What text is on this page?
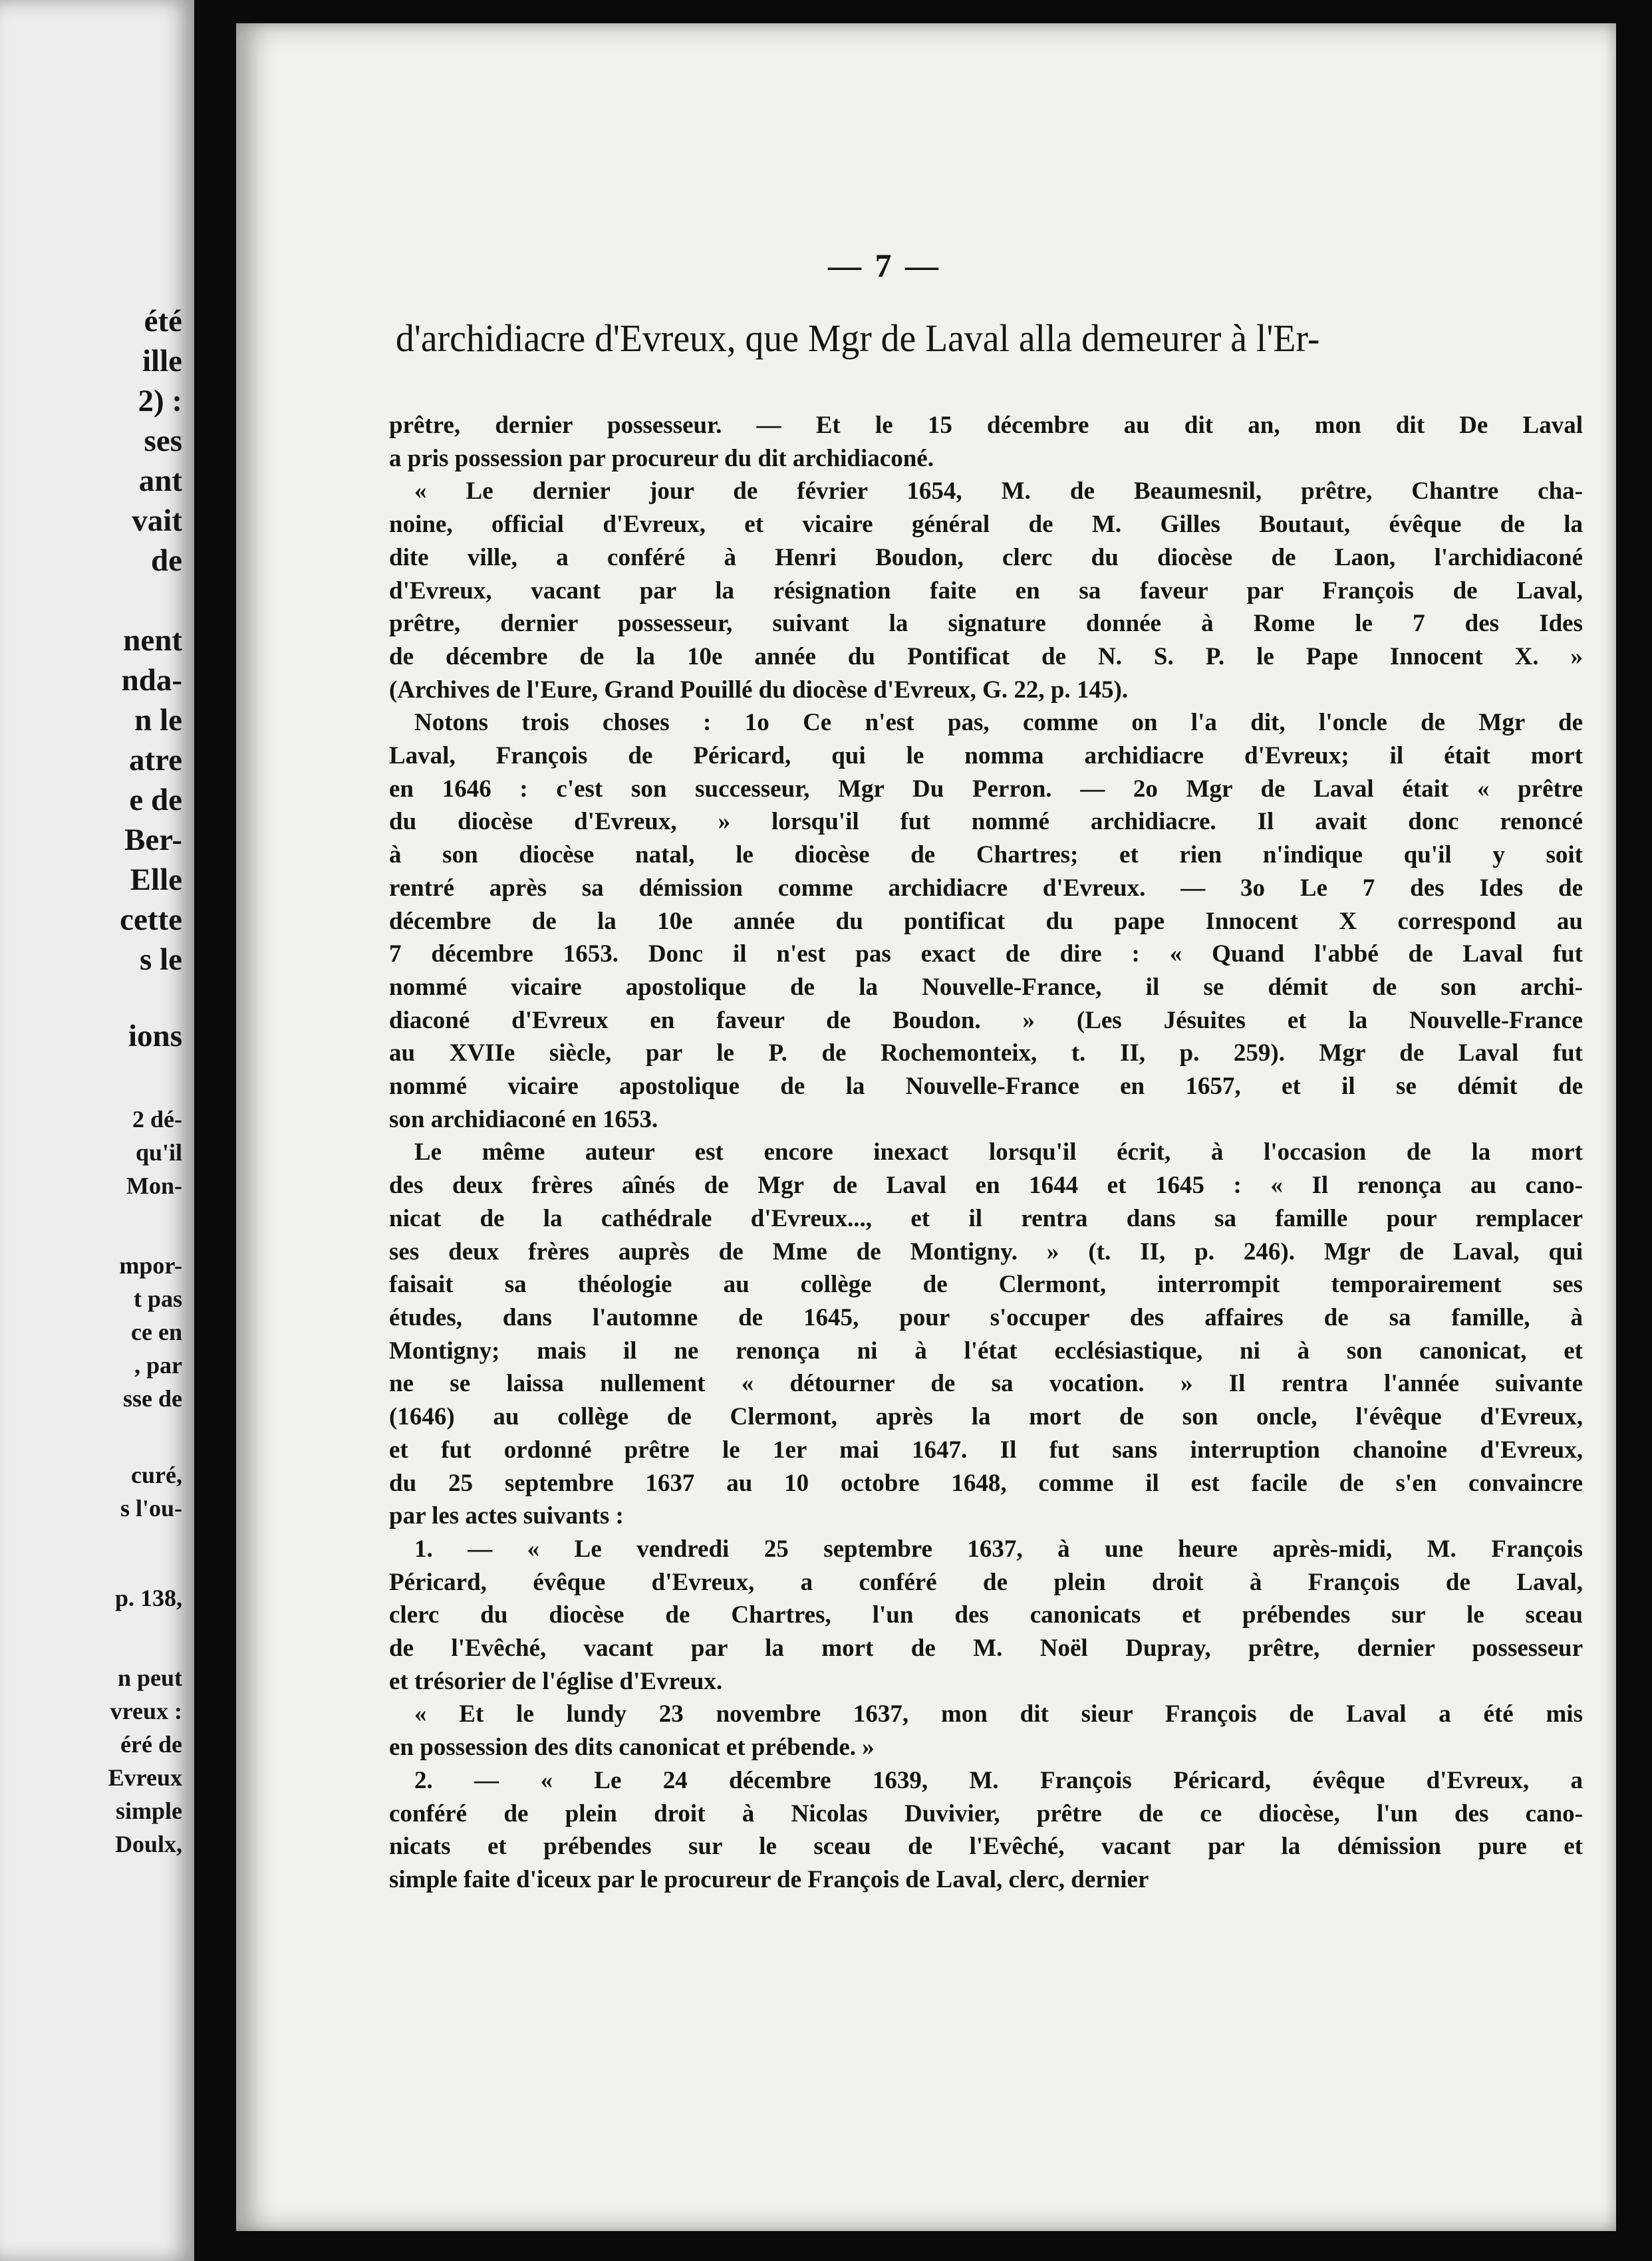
été
ille
2) :
ses
ant
vait
de
nent
nda-
n le
atre
e de
Ber-
Elle
cette
s le
ions
2 dé-
qu'il
Mon-
mpor-
t pas
ce en
, par
sse de
curé,
s l'ou-
p. 138,
n peut
vreux :
éré de
Evreux
simple
Doulx,
— 7 —
d'archidiacre d'Evreux, que Mgr de Laval alla demeurer à l'Er-

prêtre, dernier possesseur. — Et le 15 décembre au dit an, mon dit De Laval
a pris possession par procureur du dit archidiaconé.

« Le dernier jour de février 1654, M. de Beaumesnil, prêtre, Chantre cha-
noine, official d'Evreux, et vicaire général de M. Gilles Boutaut, évêque de la
dite ville, a conféré à Henri Boudon, clerc du diocèse de Laon, l'archidiaconé
d'Evreux, vacant par la résignation faite en sa faveur par François de Laval,
prêtre, dernier possesseur, suivant la signature donnée à Rome le 7 des Ides
de décembre de la 10e année du Pontificat de N. S. P. le Pape Innocent X. »
(Archives de l'Eure, Grand Pouillé du diocèse d'Evreux, G. 22, p. 145).

Notons trois choses : 1o Ce n'est pas, comme on l'a dit, l'oncle de Mgr de
Laval, François de Péricard, qui le nomma archidiacre d'Evreux; il était mort
en 1646 : c'est son successeur, Mgr Du Perron. — 2o Mgr de Laval était « prêtre
du diocèse d'Evreux, » lorsqu'il fut nommé archidiacre. Il avait donc renoncé
à son diocèse natal, le diocèse de Chartres; et rien n'indique qu'il y soit
rentré après sa démission comme archidiacre d'Evreux. — 3o Le 7 des Ides de
décembre de la 10e année du pontificat du pape Innocent X correspond au
7 décembre 1653. Donc il n'est pas exact de dire : « Quand l'abbé de Laval fut
nommé vicaire apostolique de la Nouvelle-France, il se démit de son archi-
diaconé d'Evreux en faveur de Boudon. » (Les Jésuites et la Nouvelle-France
au XVIIe siècle, par le P. de Rochemonteix, t. II, p. 259). Mgr de Laval fut
nommé vicaire apostolique de la Nouvelle-France en 1657, et il se démit de
son archidiaconé en 1653.

Le même auteur est encore inexact lorsqu'il écrit, à l'occasion de la mort
des deux frères aînés de Mgr de Laval en 1644 et 1645 : « Il renonça au cano-
nicat de la cathédrale d'Evreux..., et il rentra dans sa famille pour remplacer
ses deux frères auprès de Mme de Montigny. » (t. II, p. 246). Mgr de Laval, qui
faisait sa théologie au collège de Clermont, interrompit temporairement ses
études, dans l'automne de 1645, pour s'occuper des affaires de sa famille, à
Montigny; mais il ne renonça ni à l'état ecclésiastique, ni à son canonicat, et
ne se laissa nullement « détourner de sa vocation. » Il rentra l'année suivante
(1646) au collège de Clermont, après la mort de son oncle, l'évêque d'Evreux,
et fut ordonné prêtre le 1er mai 1647. Il fut sans interruption chanoine d'Evreux,
du 25 septembre 1637 au 10 octobre 1648, comme il est facile de s'en convaincre
par les actes suivants :

1. — « Le vendredi 25 septembre 1637, à une heure après-midi, M. François
Péricard, évêque d'Evreux, a conféré de plein droit à François de Laval,
clerc du diocèse de Chartres, l'un des canonicats et prébendes sur le sceau
de l'Evêché, vacant par la mort de M. Noël Dupray, prêtre, dernier possesseur
et trésorier de l'église d'Evreux.

« Et le lundy 23 novembre 1637, mon dit sieur François de Laval a été mis
en possession des dits canonicat et prébende. »

2. — « Le 24 décembre 1639, M. François Péricard, évêque d'Evreux, a
conféré de plein droit à Nicolas Duvivier, prêtre de ce diocèse, l'un des cano-
nicats et prébendes sur le sceau de l'Evêché, vacant par la démission pure et
simple faite d'iceux par le procureur de François de Laval, clerc, dernier
